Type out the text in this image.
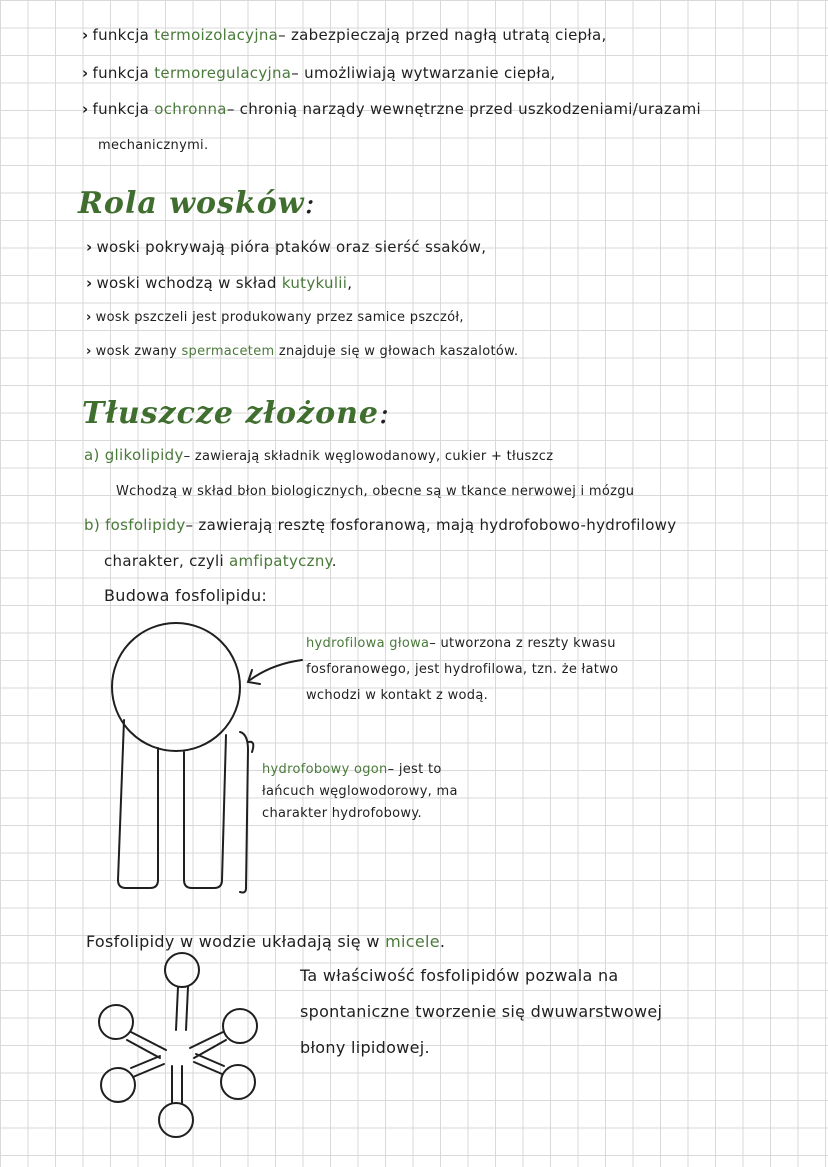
› funkcja termoizolacyjna– zabezpieczają przed nagłą utratą ciepła,
› funkcja termoregulacyjna– umożliwiają wytwarzanie ciepła,
› funkcja ochronna– chronią narządy wewnętrzne przed uszkodzeniami/urazami
mechanicznymi.
Rola wosków:
› woski pokrywają pióra ptaków oraz sierść ssaków,
› woski wchodzą w skład kutykulii,
› wosk pszczeli jest produkowany przez samice pszczół,
› wosk zwany spermacetem znajduje się w głowach kaszalotów.
Tłuszcze złożone:
a) glikolipidy– zawierają składnik węglowodanowy, cukier + tłuszcz
Wchodzą w skład błon biologicznych, obecne są w tkance nerwowej i mózgu
b) fosfolipidy– zawierają resztę fosforanową, mają hydrofobowo-hydrofilowy
charakter, czyli amfipatyczny.
Budowa fosfolipidu:
hydrofilowa głowa– utworzona z reszty kwasu
fosforanowego, jest hydrofilowa, tzn. że łatwo
wchodzi w kontakt z wodą.
hydrofobowy ogon– jest to
łańcuch węglowodorowy, ma
charakter hydrofobowy.
Fosfolipidy w wodzie układają się w micele.
Ta właściwość fosfolipidów pozwala na
spontaniczne tworzenie się dwuwarstwowej
błony lipidowej.
